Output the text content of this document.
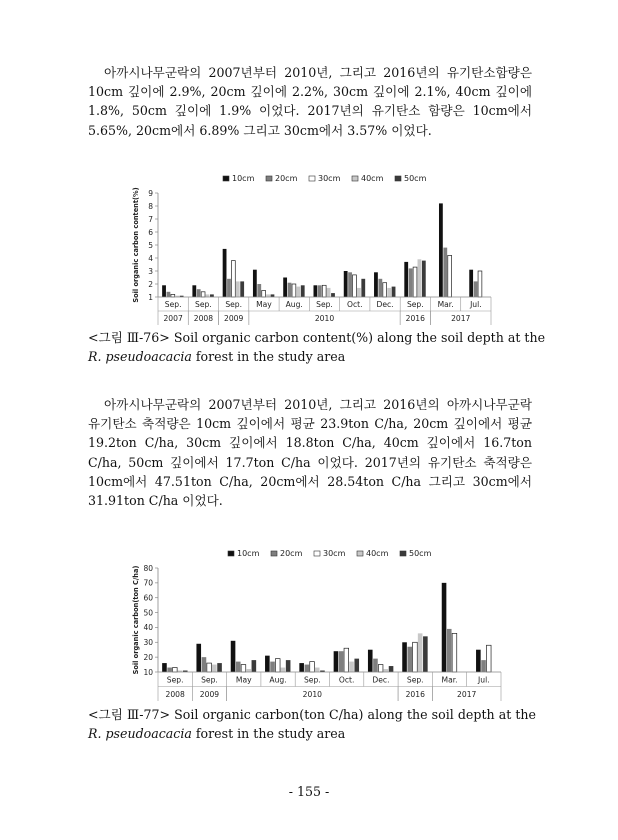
아까시나무군락의 2007년부터 2010년, 그리고 2016년의 유기탄소함량은 10cm 깊이에 2.9%, 20cm 깊이에 2.2%, 30cm 깊이에 2.1%, 40cm 깊이에 1.8%, 50cm 깊이에 1.9% 이었다. 2017년의 유기탄소 함량은 10cm에서 5.65%, 20cm에서 6.89% 그리고 30cm에서 3.57% 이었다.

10cm	20cm	30cm	40cm	50cm
1
2
3
4
5
6
7
8
9
Soil organic carbon content(%)
Sep. Sep. Sep. May Aug. Sep. Oct. Dec. Sep. Mar. Jul.
2007 2008 2009	2010	2016	2017

<그림 Ⅲ-76> Soil organic carbon content(%) along the soil depth at the
R. pseudoacacia forest in the study area

아까시나무군락의 2007년부터 2010년, 그리고 2016년의 아까시나무군락 유기탄소 축적량은 10cm 깊이에서 평균 23.9ton C/ha, 20cm 깊이에서 평균 19.2ton C/ha, 30cm 깊이에서 18.8ton C/ha, 40cm 깊이에서 16.7ton C/ha, 50cm 깊이에서 17.7ton C/ha 이었다. 2017년의 유기탄소 축적량은 10cm에서 47.51ton C/ha, 20cm에서 28.54ton C/ha 그리고 30cm에서 31.91ton C/ha 이었다.

10cm	20cm	30cm	40cm	50cm
10
20
30
40
50
60
70
80
Soil organic carbon(ton C/ha)
Sep. Sep. May Aug. Sep. Oct. Dec. Sep. Mar.	Jul.
2008 2009	2010	2016	2017

<그림 Ⅲ-77> Soil organic carbon(ton C/ha) along the soil depth at the
R. pseudoacacia forest in the study area

- 155 -
